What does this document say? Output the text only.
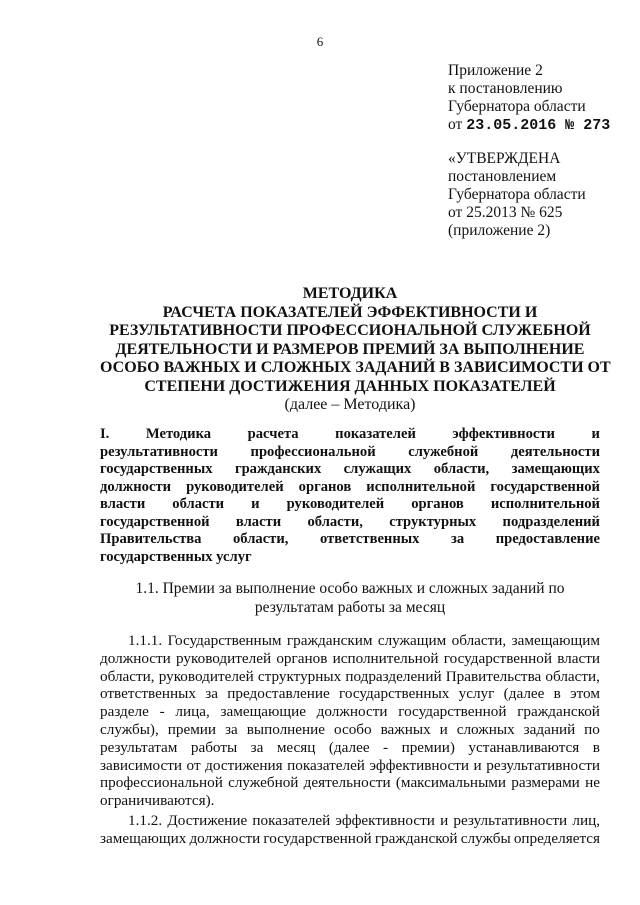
6
Приложение 2
к постановлению
Губернатора области
от 23.05.2016 № 273
«УТВЕРЖДЕНА
постановлением
Губернатора области
от 25.2013 № 625
(приложение 2)
МЕТОДИКА
РАСЧЕТА ПОКАЗАТЕЛЕЙ ЭФФЕКТИВНОСТИ И
РЕЗУЛЬТАТИВНОСТИ ПРОФЕССИОНАЛЬНОЙ СЛУЖЕБНОЙ
ДЕЯТЕЛЬНОСТИ И РАЗМЕРОВ ПРЕМИЙ ЗА ВЫПОЛНЕНИЕ
ОСОБО ВАЖНЫХ И СЛОЖНЫХ ЗАДАНИЙ В ЗАВИСИМОСТИ ОТ
СТЕПЕНИ ДОСТИЖЕНИЯ ДАННЫХ ПОКАЗАТЕЛЕЙ
(далее – Методика)
I.	Методика	расчета	показателей	эффективности	и
результативности профессиональной служебной деятельности
государственных гражданских служащих области, замещающих
должности руководителей органов исполнительной государственной
власти области и руководителей органов исполнительной
государственной власти области, структурных подразделений
Правительства области, ответственных за предоставление
государственных услуг
1.1. Премии за выполнение особо важных и сложных заданий по
результатам работы за месяц
1.1.1. Государственным гражданским служащим области, замещающим
должности руководителей органов исполнительной государственной власти
области, руководителей структурных подразделений Правительства области,
ответственных за предоставление государственных услуг (далее в этом
разделе - лица, замещающие должности государственной гражданской
службы), премии за выполнение особо важных и сложных заданий по
результатам работы за месяц (далее - премии) устанавливаются в
зависимости от достижения показателей эффективности и результативности
профессиональной служебной деятельности (максимальными размерами не
ограничиваются).
1.1.2. Достижение показателей эффективности и результативности лиц,
замещающих должности государственной гражданской службы определяется
